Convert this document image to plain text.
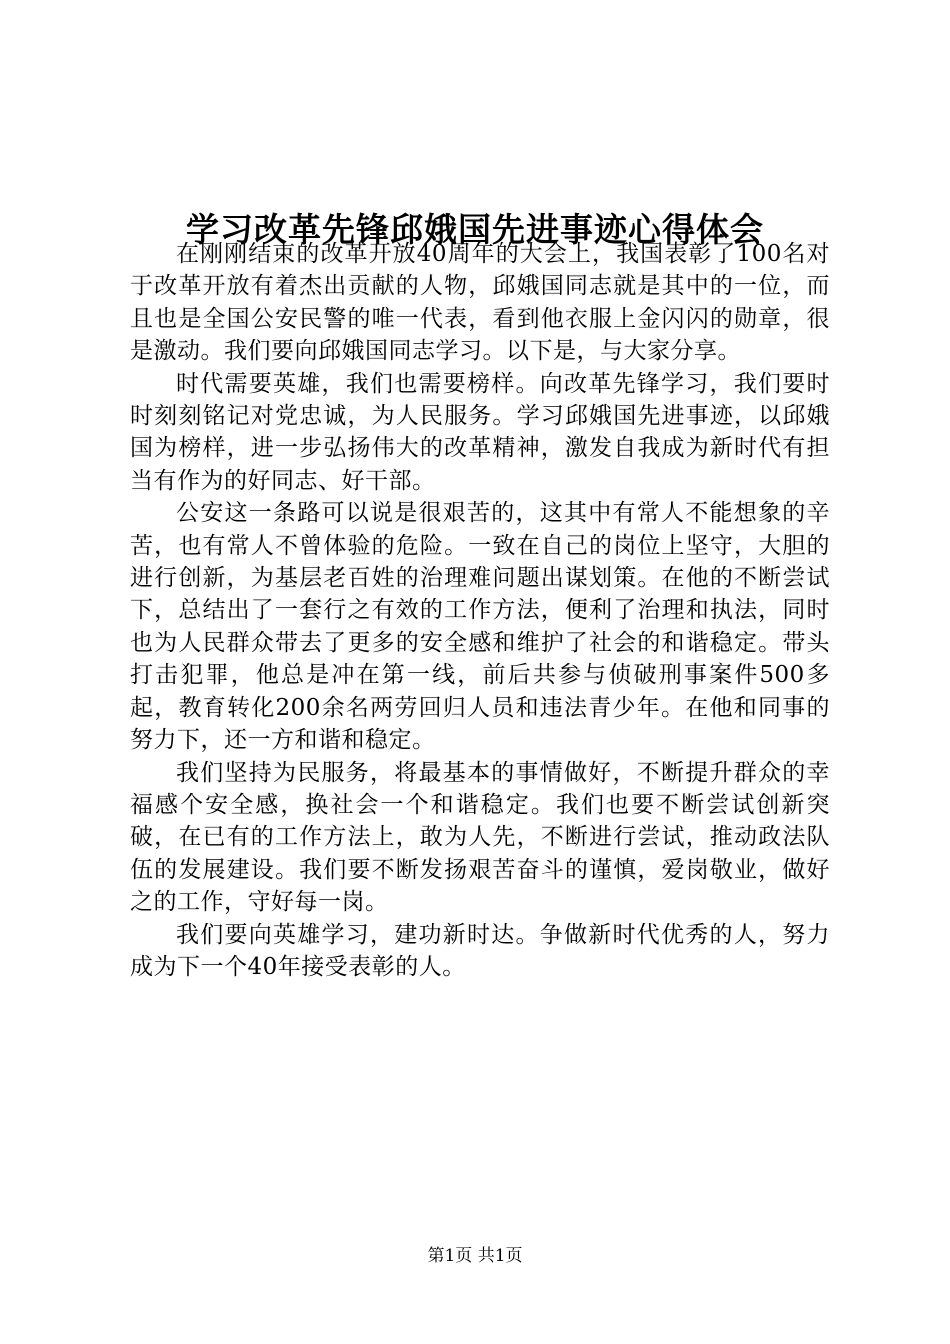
学习改革先锋邱娥国先进事迹心得体会

在刚刚结束的改革开放40周年的大会上，我国表彰了100名对于改革开放有着杰出贡献的人物，邱娥国同志就是其中的一位，而且也是全国公安民警的唯一代表，看到他衣服上金闪闪的勋章，很是激动。我们要向邱娥国同志学习。以下是，与大家分享。

时代需要英雄，我们也需要榜样。向改革先锋学习，我们要时时刻刻铭记对党忠诚，为人民服务。学习邱娥国先进事迹，以邱娥国为榜样，进一步弘扬伟大的改革精神，激发自我成为新时代有担当有作为的好同志、好干部。

公安这一条路可以说是很艰苦的，这其中有常人不能想象的辛苦，也有常人不曾体验的危险。一致在自己的岗位上坚守，大胆的进行创新，为基层老百姓的治理难问题出谋划策。在他的不断尝试下，总结出了一套行之有效的工作方法，便利了治理和执法，同时也为人民群众带去了更多的安全感和维护了社会的和谐稳定。带头打击犯罪，他总是冲在第一线，前后共参与侦破刑事案件500多起，教育转化200余名两劳回归人员和违法青少年。在他和同事的努力下，还一方和谐和稳定。

我们坚持为民服务，将最基本的事情做好，不断提升群众的幸福感个安全感，换社会一个和谐稳定。我们也要不断尝试创新突破，在已有的工作方法上，敢为人先，不断进行尝试，推动政法队伍的发展建设。我们要不断发扬艰苦奋斗的谨慎，爱岗敬业，做好之的工作，守好每一岗。

我们要向英雄学习，建功新时达。争做新时代优秀的人，努力成为下一个40年接受表彰的人。

第1页 共1页
